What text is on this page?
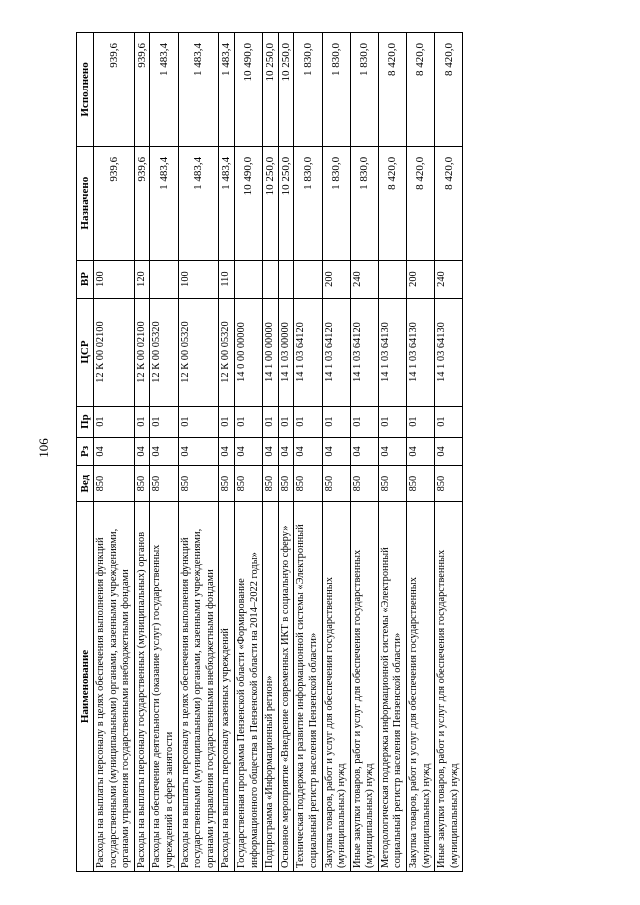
106
Наименование	Вед	Рз	Пр	ЦСР	ВР	Назначено	Исполнено
Расходы на выплаты персоналу в целях обеспечения выполнения функций государственными (муниципальными) органами, казенными учреждениями, органами управления государственными внебюджетными фондами	850	04	01	12 К 00 02100	100	939,6	939,6
Расходы на выплаты персоналу государственных (муниципальных) органов	850	04	01	12 К 00 02100	120	939,6	939,6
Расходы на обеспечение деятельности (оказание услуг) государственных учреждений в сфере занятости	850	04	01	12 К 00 05320		1 483,4	1 483,4
Расходы на выплаты персоналу в целях обеспечения выполнения функций государственными (муниципальными) органами, казенными учреждениями, органами управления государственными внебюджетными фондами	850	04	01	12 К 00 05320	100	1 483,4	1 483,4
Расходы на выплаты персоналу казенных учреждений	850	04	01	12 К 00 05320	110	1 483,4	1 483,4
Государственная программа Пензенской области «Формирование информационного общества в Пензенской области на 2014–2022 годы»	850	04	01	14 0 00 00000		10 490,0	10 490,0
Подпрограмма «Информационный регион»	850	04	01	14 1 00 00000		10 250,0	10 250,0
Основное мероприятие «Внедрение современных ИКТ в социальную сферу»	850	04	01	14 1 03 00000		10 250,0	10 250,0
Техническая поддержка и развитие информационной системы «Электронный социальный регистр населения Пензенской области»	850	04	01	14 1 03 64120		1 830,0	1 830,0
Закупка товаров, работ и услуг для обеспечения государственных (муниципальных) нужд	850	04	01	14 1 03 64120	200	1 830,0	1 830,0
Иные закупки товаров, работ и услуг для обеспечения государственных (муниципальных) нужд	850	04	01	14 1 03 64120	240	1 830,0	1 830,0
Методологическая поддержка информационной системы «Электронный социальный регистр населения Пензенской области»	850	04	01	14 1 03 64130		8 420,0	8 420,0
Закупка товаров, работ и услуг для обеспечения государственных (муниципальных) нужд	850	04	01	14 1 03 64130	200	8 420,0	8 420,0
Иные закупки товаров, работ и услуг для обеспечения государственных (муниципальных) нужд	850	04	01	14 1 03 64130	240	8 420,0	8 420,0
